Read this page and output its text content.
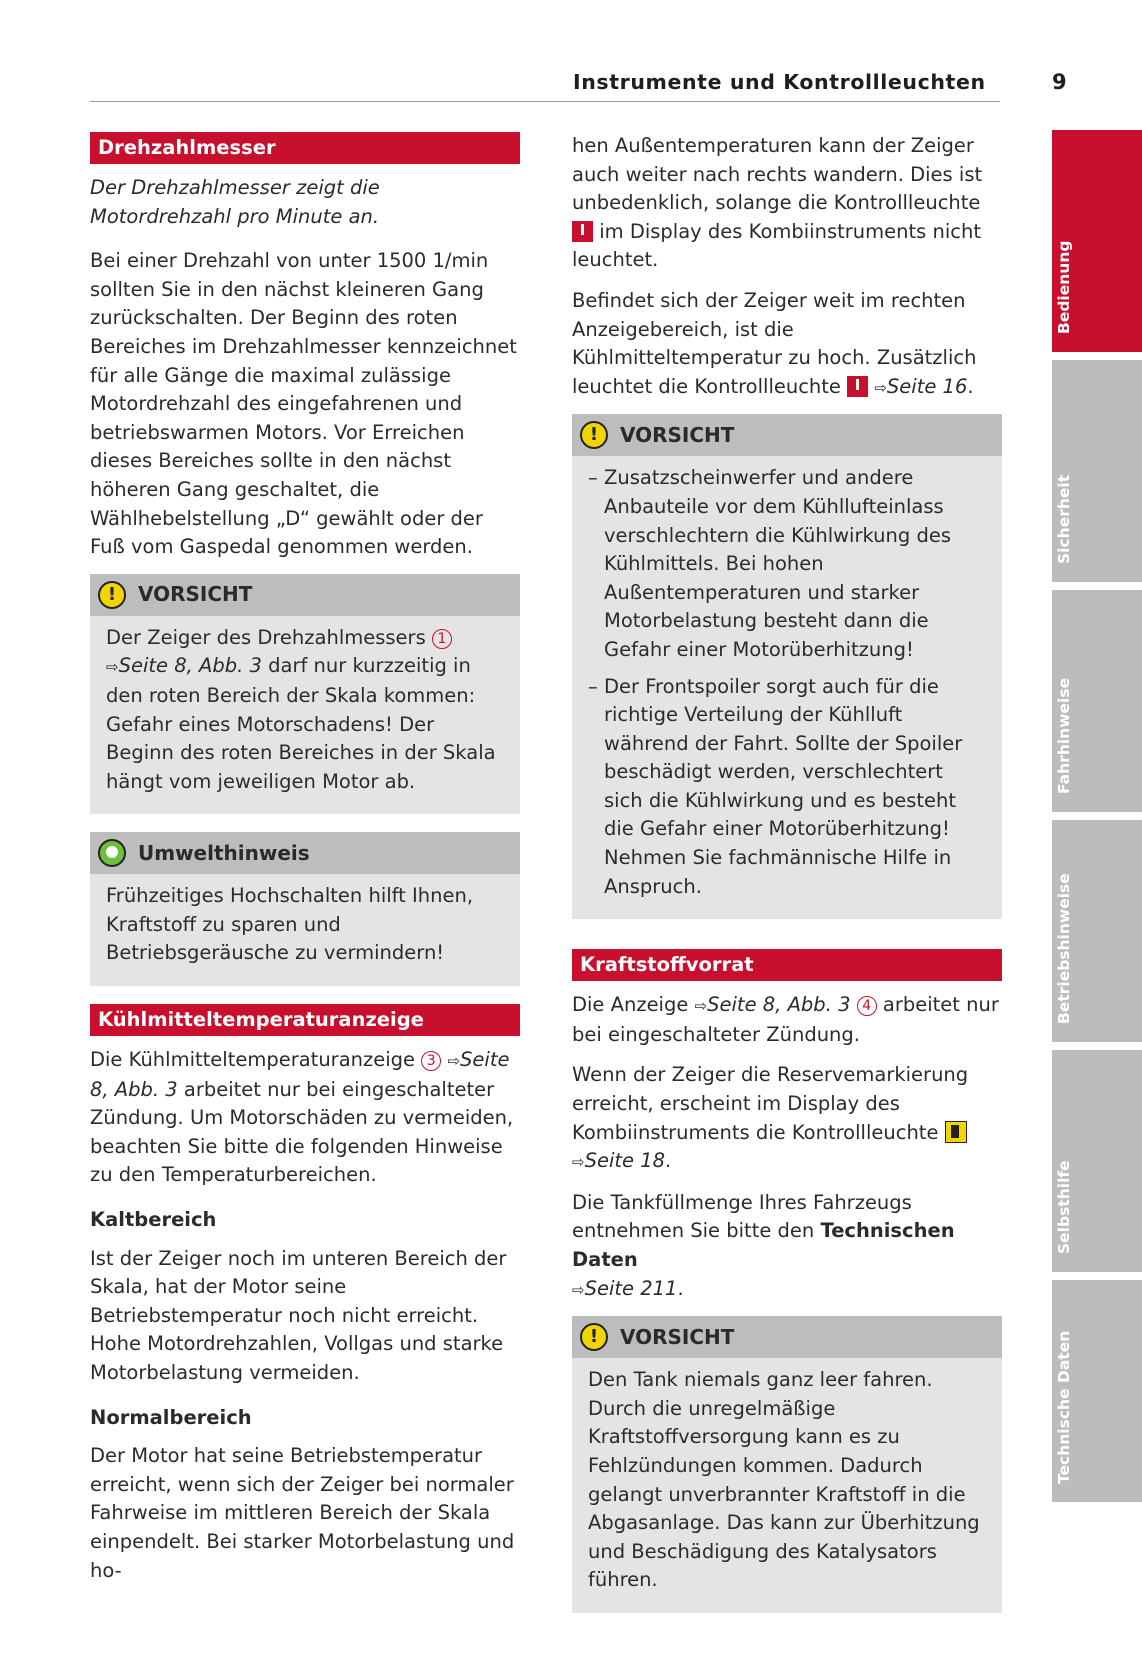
Instrumente und Kontrollleuchten	9
Drehzahlmesser

Der Drehzahlmesser zeigt die Motordrehzahl pro Minute an.

Bei einer Drehzahl von unter 1500 1/min sollten Sie in den nächst kleineren Gang zurückschalten. Der Beginn des roten Bereiches im Drehzahlmesser kennzeichnet für alle Gänge die maximal zulässige Motordrehzahl des eingefahrenen und betriebswarmen Motors. Vor Erreichen dieses Bereiches sollte in den nächst höheren Gang geschaltet, die Wählhebelstellung „D“ gewählt oder der Fuß vom Gaspedal genommen werden.

!	VORSICHT

Der Zeiger des Drehzahlmessers 1 ⇨Seite 8, Abb. 3 darf nur kurzzeitig in den roten Bereich der Skala kommen: Gefahr eines Motorschadens! Der Beginn des roten Bereiches in der Skala hängt vom jeweiligen Motor ab.

Umwelthinweis

Frühzeitiges Hochschalten hilft Ihnen, Kraftstoff zu sparen und Betriebsgeräusche zu vermindern!

Kühlmitteltemperaturanzeige

Die Kühlmitteltemperaturanzeige 3 ⇨Seite 8, Abb. 3 arbeitet nur bei eingeschalteter Zündung. Um Motorschäden zu vermeiden, beachten Sie bitte die folgenden Hinweise zu den Temperaturbereichen.

Kaltbereich

Ist der Zeiger noch im unteren Bereich der Skala, hat der Motor seine Betriebstemperatur noch nicht erreicht. Hohe Motordrehzahlen, Vollgas und starke Motorbelastung vermeiden.

Normalbereich

Der Motor hat seine Betriebstemperatur erreicht, wenn sich der Zeiger bei normaler Fahrweise im mittleren Bereich der Skala einpendelt. Bei starker Motorbelastung und ho-

hen Außentemperaturen kann der Zeiger auch weiter nach rechts wandern. Dies ist unbedenklich, solange die Kontrollleuchte  im Display des Kombiinstruments nicht leuchtet.

Befindet sich der Zeiger weit im rechten Anzeigebereich, ist die Kühlmitteltemperatur zu hoch. Zusätzlich leuchtet die Kontrollleuchte ⇨Seite 16.

!	VORSICHT

– Zusatzscheinwerfer und andere Anbauteile vor dem Kühllufteinlass verschlechtern die Kühlwirkung des Kühlmittels. Bei hohen Außentemperaturen und starker Motorbelastung besteht dann die Gefahr einer Motorüberhitzung!

– Der Frontspoiler sorgt auch für die richtige Verteilung der Kühlluft während der Fahrt. Sollte der Spoiler beschädigt werden, verschlechtert sich die Kühlwirkung und es besteht die Gefahr einer Motorüberhitzung! Nehmen Sie fachmännische Hilfe in Anspruch.

Kraftstoffvorrat

Die Anzeige ⇨Seite 8, Abb. 3 4 arbeitet nur bei eingeschalteter Zündung.

Wenn der Zeiger die Reservemarkierung erreicht, erscheint im Display des Kombiinstruments die Kontrollleuchte  ⇨Seite 18.

Die Tankfüllmenge Ihres Fahrzeugs entnehmen Sie bitte den Technischen Daten
⇨Seite 211.

!	VORSICHT

Den Tank niemals ganz leer fahren. Durch die unregelmäßige Kraftstoffversorgung kann es zu Fehlzündungen kommen. Dadurch gelangt unverbrannter Kraftstoff in die Abgasanlage. Das kann zur Überhitzung und Beschädigung des Katalysators führen.

Bedienung
Sicherheit
Fahrhinweise
Betriebshinweise
Selbsthilfe
Technische Daten
